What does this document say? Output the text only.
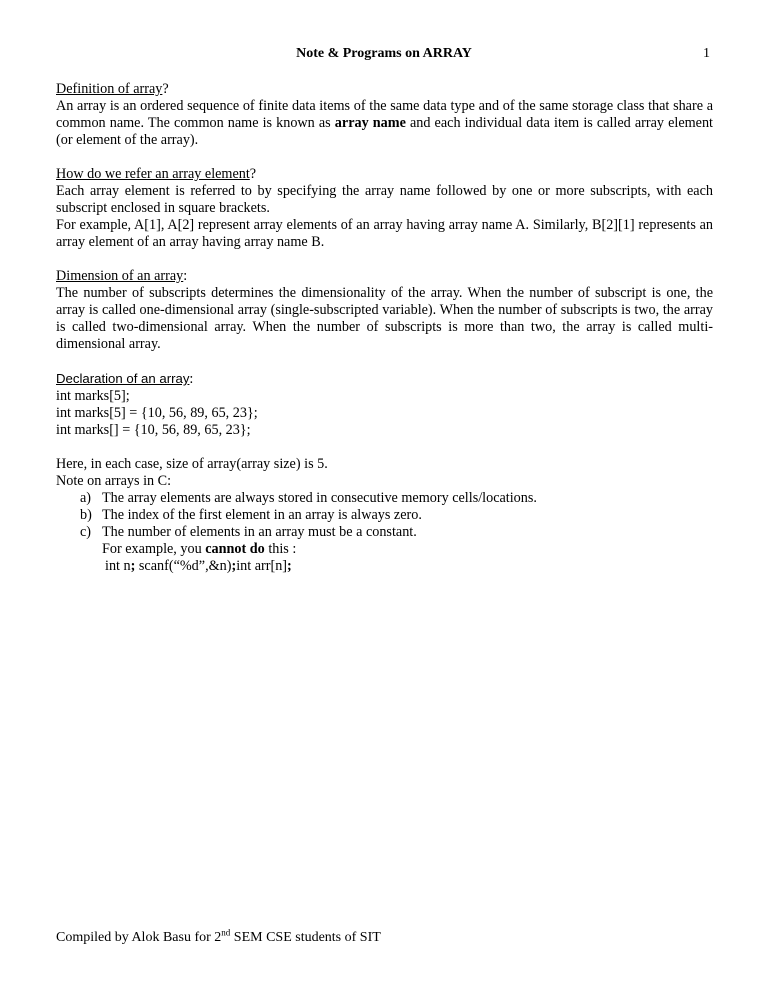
Note & Programs on ARRAY	1
Definition of array?

An array is an ordered sequence of finite data items of the same data type and of the same storage class that share a common name. The common name is known as array name and each individual data item is called array element (or element of the array).

How do we refer an array element?

Each array element is referred to by specifying the array name followed by one or more subscripts, with each subscript enclosed in square brackets.

For example, A[1], A[2] represent array elements of an array having array name A. Similarly, B[2][1] represents an array element of an array having array name B.

Dimension of an array:

The number of subscripts determines the dimensionality of the array. When the number of subscript is one, the array is called one-dimensional array (single-subscripted variable). When the number of subscripts is two, the array is called two-dimensional array. When the number of subscripts is more than two, the array is called multi-dimensional array.

Declaration of an array:
int marks[5];
int marks[5] = {10, 56, 89, 65, 23};
int marks[] = {10, 56, 89, 65, 23};
Here, in each case, size of array(array size) is 5.
Note on arrays in C:
a) The array elements are always stored in consecutive memory cells/locations.
b) The index of the first element in an array is always zero.
c) The number of elements in an array must be a constant.
For example, you cannot do this :
int n; scanf(“%d”,&n);int arr[n];
Compiled by Alok Basu for 2nd SEM CSE students of SIT
